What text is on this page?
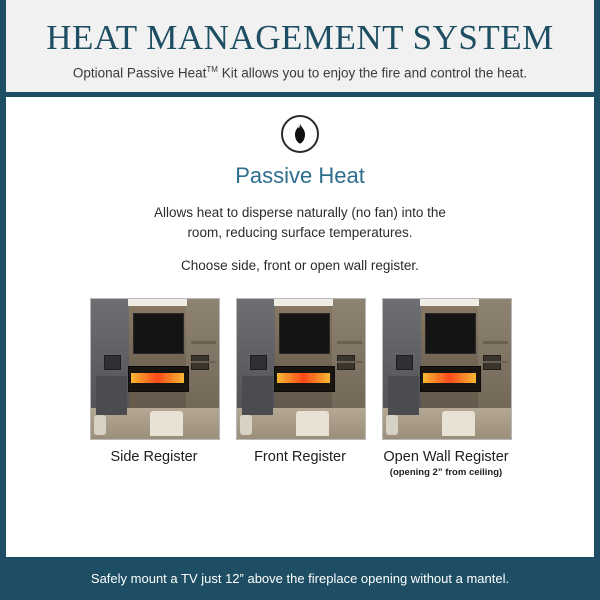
HEAT MANAGEMENT SYSTEM

Optional Passive Heat™ Kit allows you to enjoy the fire and control the heat.

Passive Heat

Allows heat to disperse naturally (no fan) into the room, reducing surface temperatures.

Choose side, front or open wall register.

Side Register	Front Register	Open Wall Register
(opening 2” from ceiling)
Safely mount a TV just 12” above the fireplace opening without a mantel.
